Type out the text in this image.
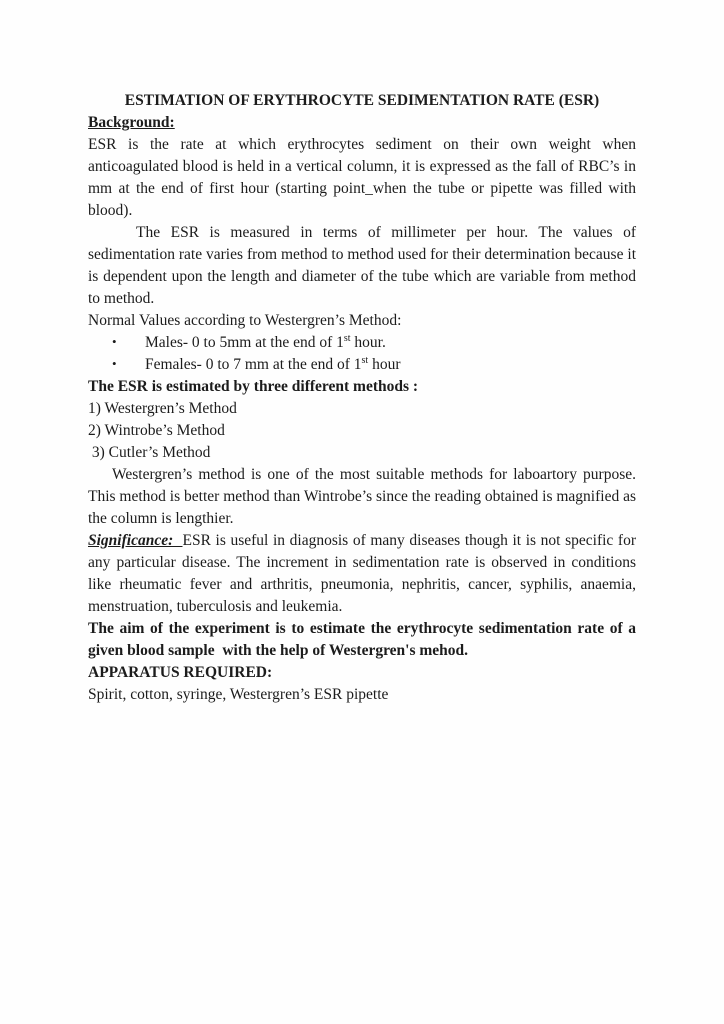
ESTIMATION OF ERYTHROCYTE SEDIMENTATION RATE (ESR)
Background:

ESR is the rate at which erythrocytes sediment on their own weight when anticoagulated blood is held in a vertical column, it is expressed as the fall of RBC’s in mm at the end of first hour (starting point_when the tube or pipette was filled with blood).

The ESR is measured in terms of millimeter per hour. The values of sedimentation rate varies from method to method used for their determination because it is dependent upon the length and diameter of the tube which are variable from method to method.

Normal Values according to Westergren’s Method:

• Males- 0 to 5mm at the end of 1st hour.
• Females- 0 to 7 mm at the end of 1st hour

The ESR is estimated by three different methods :

1) Westergren’s Method

2) Wintrobe’s Method

3) Cutler’s Method

Westergren’s method is one of the most suitable methods for laboartory purpose. This method is better method than Wintrobe’s since the reading obtained is magnified as the column is lengthier.

Significance:  ESR is useful in diagnosis of many diseases though it is not specific for any particular disease. The increment in sedimentation rate is observed in conditions like rheumatic fever and arthritis, pneumonia, nephritis, cancer, syphilis, anaemia, menstruation, tuberculosis and leukemia.

The aim of the experiment is to estimate the erythrocyte sedimentation rate of a given blood sample  with the help of Westergren's mehod.

APPARATUS REQUIRED:

Spirit, cotton, syringe, Westergren’s ESR pipette
